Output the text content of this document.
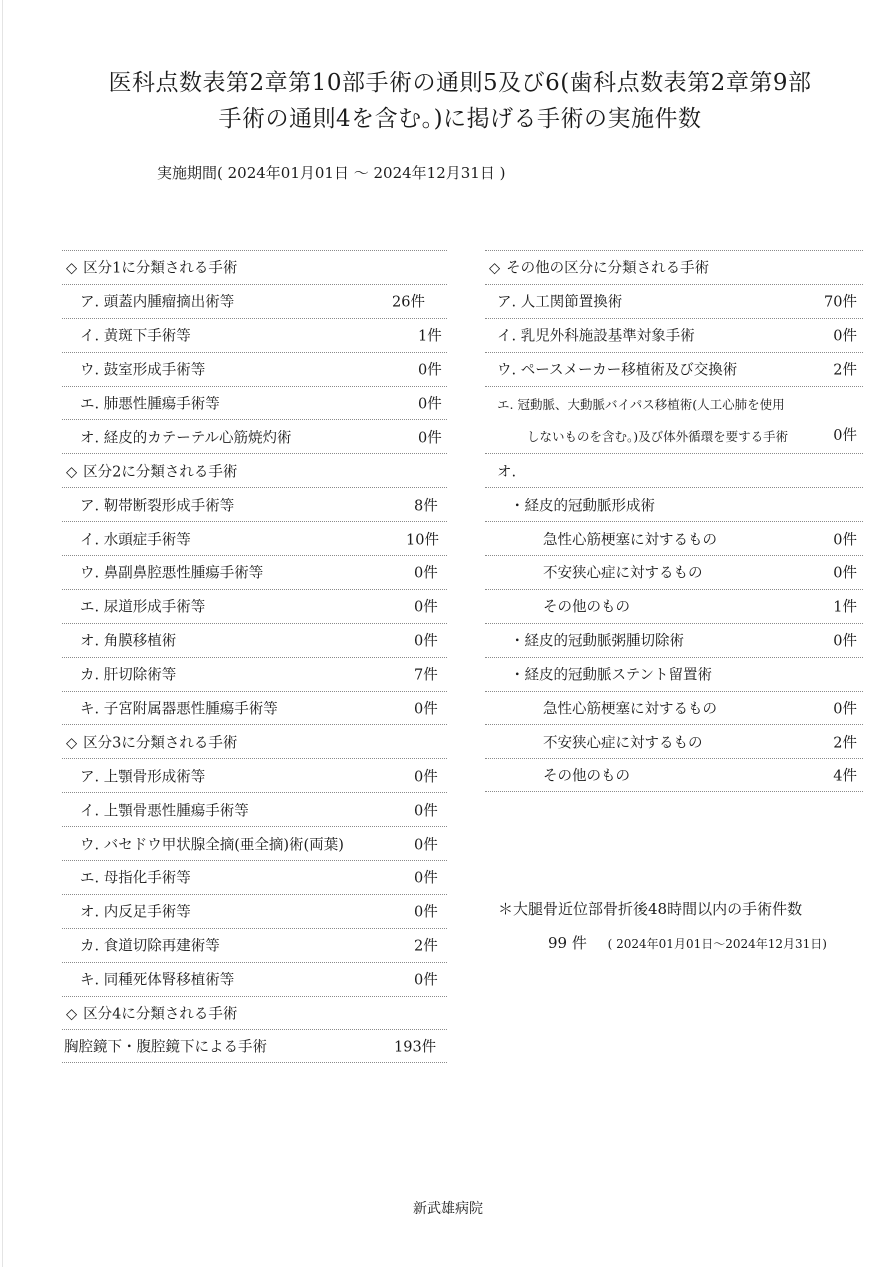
医科点数表第2章第10部手術の通則5及び6(歯科点数表第2章第9部
手術の通則4を含む。)に掲げる手術の実施件数
実施期間( 2024年01月01日 ～ 2024年12月31日 )
◇ 区分1に分類される手術
ア. 頭蓋内腫瘤摘出術等	26件
イ. 黄斑下手術等	1件
ウ. 鼓室形成手術等	0件
エ. 肺悪性腫瘍手術等	0件
オ. 経皮的カテーテル心筋焼灼術	0件
◇ 区分2に分類される手術
ア. 靭帯断裂形成手術等	8件
イ. 水頭症手術等	10件
ウ. 鼻副鼻腔悪性腫瘍手術等	0件
エ. 尿道形成手術等	0件
オ. 角膜移植術	0件
カ. 肝切除術等	7件
キ. 子宮附属器悪性腫瘍手術等	0件
◇ 区分3に分類される手術
ア. 上顎骨形成術等	0件
イ. 上顎骨悪性腫瘍手術等	0件
ウ. バセドウ甲状腺全摘(亜全摘)術(両葉)	0件
エ. 母指化手術等	0件
オ. 内反足手術等	0件
カ. 食道切除再建術等	2件
キ. 同種死体腎移植術等	0件
◇ 区分4に分類される手術
胸腔鏡下・腹腔鏡下による手術	193件
◇ その他の区分に分類される手術
ア. 人工関節置換術	70件
イ. 乳児外科施設基準対象手術	0件
ウ. ペースメーカー移植術及び交換術	2件
エ. 冠動脈、大動脈バイパス移植術(人工心肺を使用
しないものを含む。)及び体外循環を要する手術	0件
オ.
・経皮的冠動脈形成術
急性心筋梗塞に対するもの	0件
不安狭心症に対するもの	0件
その他のもの	1件
・経皮的冠動脈粥腫切除術	0件
・経皮的冠動脈ステント留置術
急性心筋梗塞に対するもの	0件
不安狭心症に対するもの	2件
その他のもの	4件
＊大腿骨近位部骨折後48時間以内の手術件数
99 件 ( 2024年01月01日～2024年12月31日)
新武雄病院
